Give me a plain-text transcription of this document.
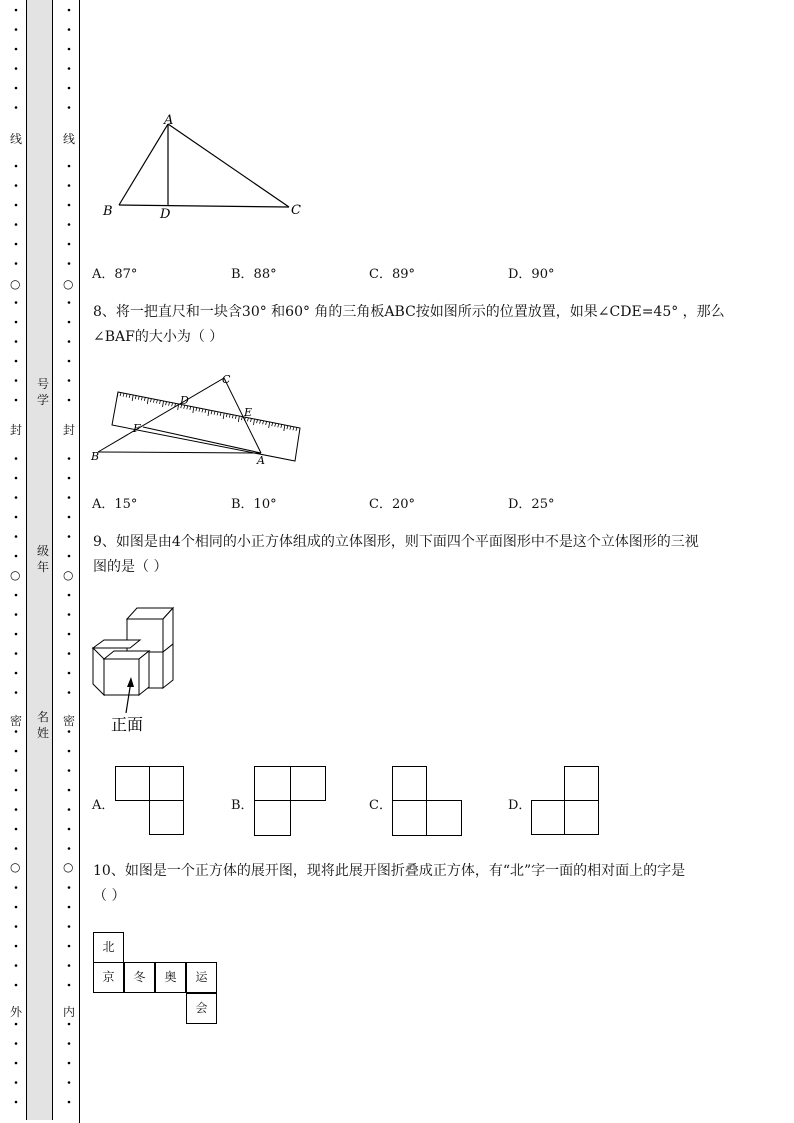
线
○
封
○
密
○
外
线
○
封
○
密
○
内
号
学
级
年
名
姓
A
B	C
D
A．87°	B．88°	C．89°	D．90°
8、将一把直尺和一块含30° 和60° 角的三角板ABC按如图所示的位置放置，如果∠CDE=45° ，那么
∠BAF的大小为（ ）
C
D
E
F
B	A
A．15°	B．10°	C．20°	D．25°
9、如图是由4个相同的小正方体组成的立体图形，则下面四个平面图形中不是这个立体图形的三视
图的是（ ）
正面
A．	B．	C．	D．
10、如图是一个正方体的展开图，现将此展开图折叠成正方体，有“北”字一面的相对面上的字是
（ ）
北
京	冬	奥	运
会
